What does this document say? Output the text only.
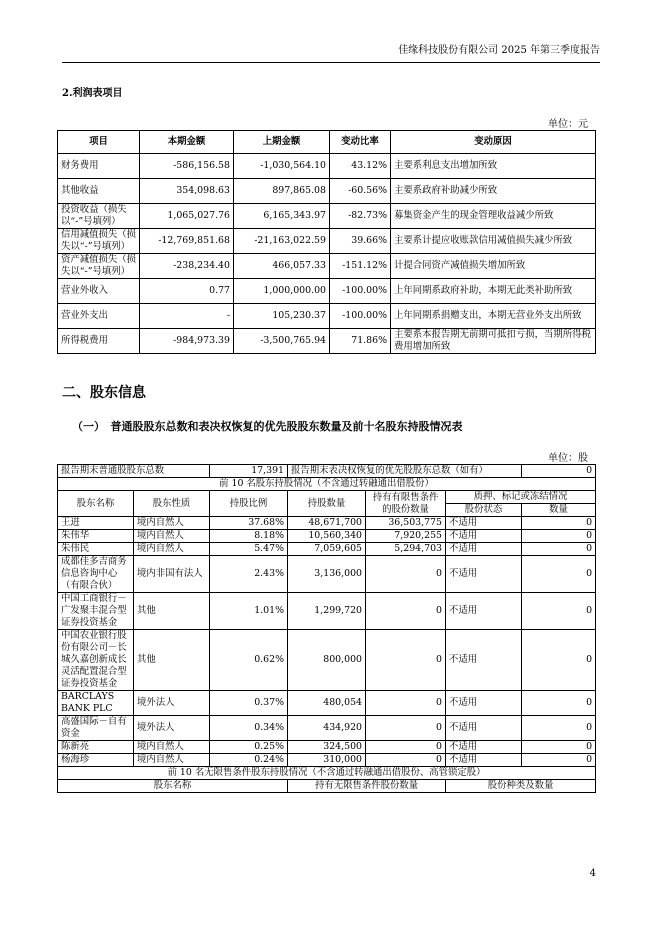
佳缘科技股份有限公司 2025 年第三季度报告
2.利润表项目
单位：元
项目	本期金额	上期金额	变动比率	变动原因
财务费用	-586,156.58	-1,030,564.10	43.12%	主要系利息支出增加所致
其他收益	354,098.63	897,865.08	-60.56%	主要系政府补助减少所致
投资收益（损失以“-”号填列）	1,065,027.76	6,165,343.97	-82.73%	募集资金产生的现金管理收益减少所致
信用减值损失（损失以“-”号填列）	-12,769,851.68	-21,163,022.59	39.66%	主要系计提应收账款信用减值损失减少所致
资产减值损失（损失以“-”号填列）	-238,234.40	466,057.33	-151.12%	计提合同资产减值损失增加所致
营业外收入	0.77	1,000,000.00	-100.00%	上年同期系政府补助，本期无此类补助所致
营业外支出	-	105,230.37	-100.00%	上年同期系捐赠支出，本期无营业外支出所致
所得税费用	-984,973.39	-3,500,765.94	71.86%	主要系本报告期无前期可抵扣亏损，当期所得税费用增加所致
二、股东信息
（一）　普通股股东总数和表决权恢复的优先股股东数量及前十名股东持股情况表
单位：股
报告期末普通股股东总数		17,391	报告期末表决权恢复的优先股股东总数（如有）			0
前 10 名股东持股情况（不含通过转融通出借股份）						
股东名称	股东性质	持股比例	持股数量	持有有限售条件的股份数量	质押、标记或冻结情况	
					股份状态	数量
王进	境内自然人	37.68%	48,671,700	36,503,775	不适用	0
朱伟华	境内自然人	8.18%	10,560,340	7,920,255	不适用	0
朱伟民	境内自然人	5.47%	7,059,605	5,294,703	不适用	0
成都佳多吉商务信息咨询中心（有限合伙）	境内非国有法人	2.43%	3,136,000	0	不适用	0
中国工商银行－广发聚丰混合型证券投资基金	其他	1.01%	1,299,720	0	不适用	0
中国农业银行股份有限公司－长城久嘉创新成长灵活配置混合型证券投资基金	其他	0.62%	800,000	0	不适用	0
BARCLAYS BANK PLC	境外法人	0.37%	480,054	0	不适用	0
高盛国际－自有资金	境外法人	0.34%	434,920	0	不适用	0
陈新亮	境内自然人	0.25%	324,500	0	不适用	0
杨海珍	境内自然人	0.24%	310,000	0	不适用	0
前 10 名无限售条件股东持股情况（不含通过转融通出借股份、高管锁定股）						
股东名称			持有无限售条件股份数量		股份种类及数量	
4
